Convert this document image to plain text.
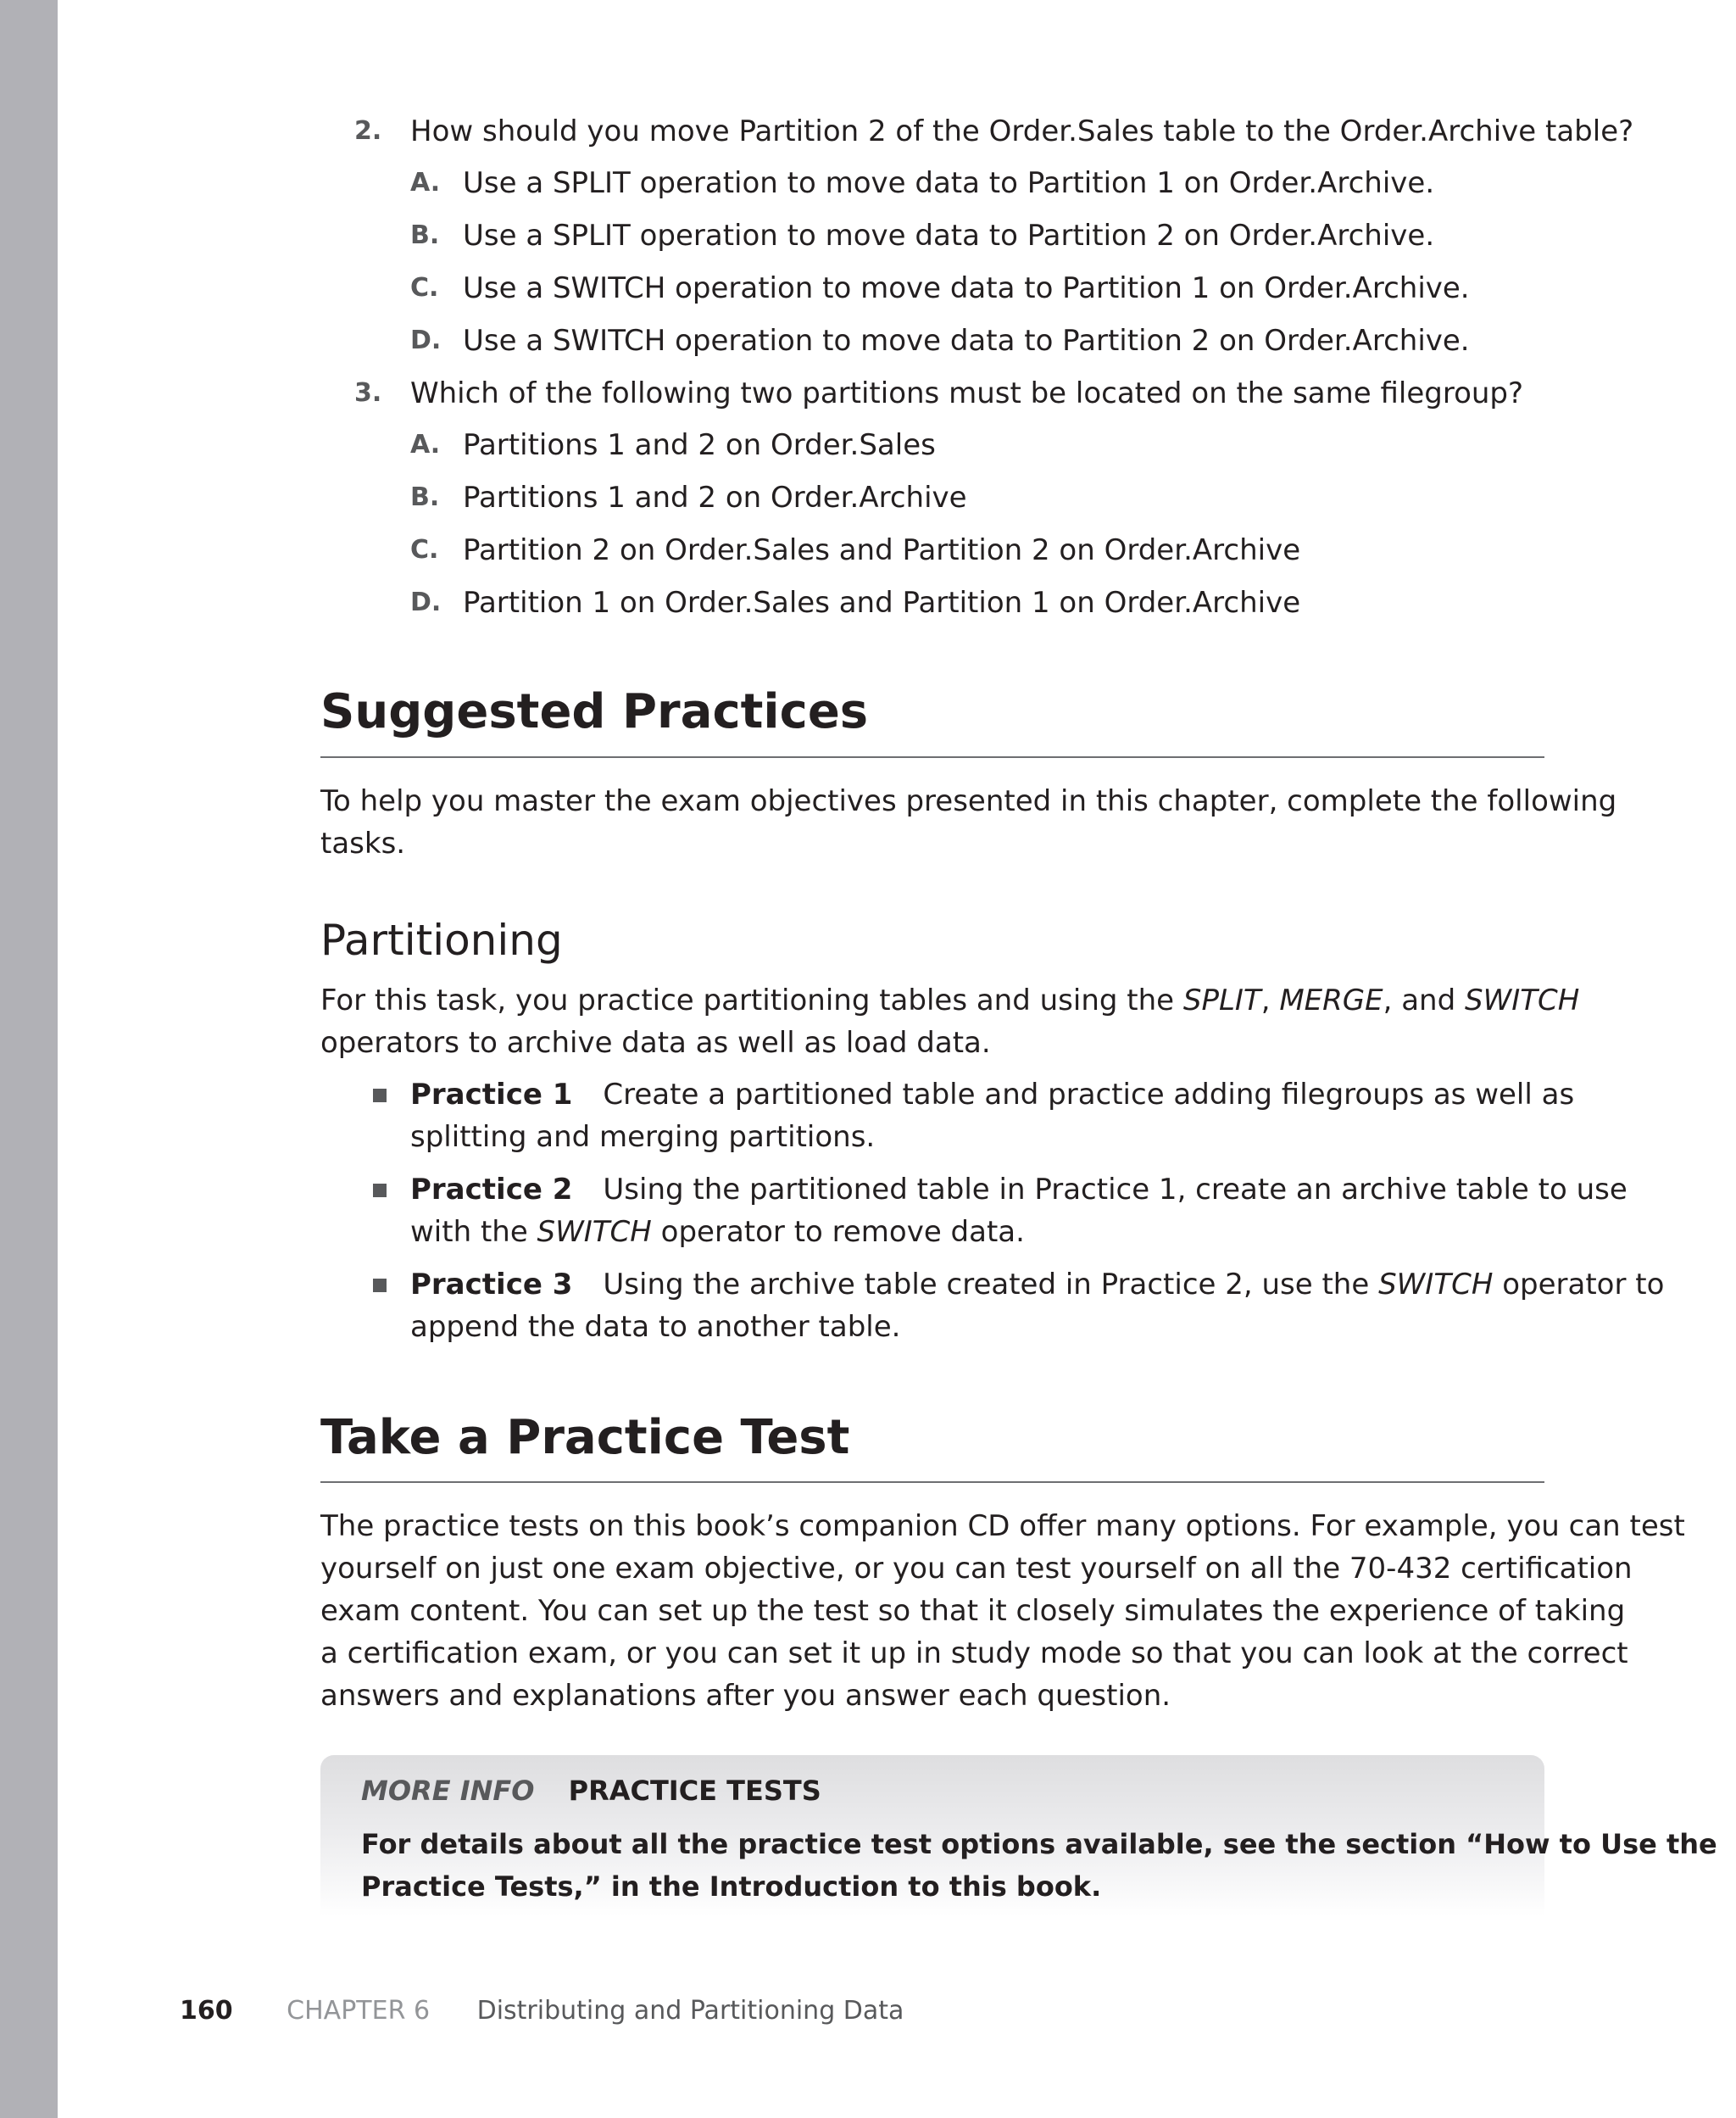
2. How should you move Partition 2 of the Order.Sales table to the Order.Archive table?
A. Use a SPLIT operation to move data to Partition 1 on Order.Archive.
B. Use a SPLIT operation to move data to Partition 2 on Order.Archive.
C. Use a SWITCH operation to move data to Partition 1 on Order.Archive.
D. Use a SWITCH operation to move data to Partition 2 on Order.Archive.
3. Which of the following two partitions must be located on the same filegroup?
A. Partitions 1 and 2 on Order.Sales
B. Partitions 1 and 2 on Order.Archive
C. Partition 2 on Order.Sales and Partition 2 on Order.Archive
D. Partition 1 on Order.Sales and Partition 1 on Order.Archive
Suggested Practices
To help you master the exam objectives presented in this chapter, complete the following
tasks.
Partitioning
For this task, you practice partitioning tables and using the SPLIT, MERGE, and SWITCH
operators to archive data as well as load data.
Practice 1 Create a partitioned table and practice adding filegroups as well as
splitting and merging partitions.
Practice 2 Using the partitioned table in Practice 1, create an archive table to use
with the SWITCH operator to remove data.
Practice 3 Using the archive table created in Practice 2, use the SWITCH operator to
append the data to another table.
Take a Practice Test
The practice tests on this book’s companion CD offer many options. For example, you can test
yourself on just one exam objective, or you can test yourself on all the 70-432 certification
exam content. You can set up the test so that it closely simulates the experience of taking
a certification exam, or you can set it up in study mode so that you can look at the correct
answers and explanations after you answer each question.
MORE INFO PRACTICE TESTS
For details about all the practice test options available, see the section “How to Use the
Practice Tests,” in the Introduction to this book.
160 CHAPTER 6 Distributing and Partitioning Data
